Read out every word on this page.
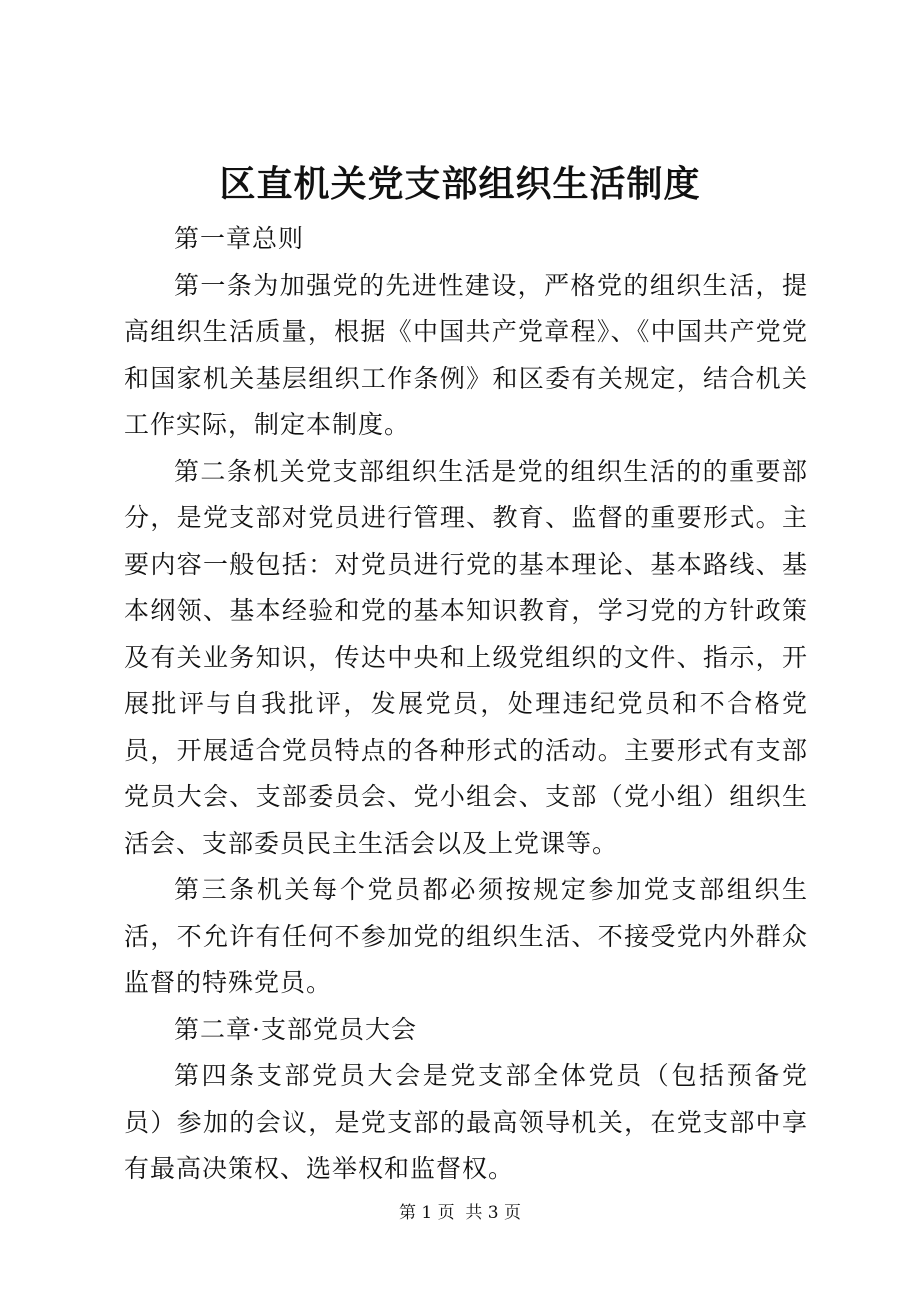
区直机关党支部组织生活制度

第一章总则

第一条为加强党的先进性建设，严格党的组织生活，提高组织生活质量，根据《中国共产党章程》、《中国共产党党和国家机关基层组织工作条例》和区委有关规定，结合机关工作实际，制定本制度。

第二条机关党支部组织生活是党的组织生活的的重要部分，是党支部对党员进行管理、教育、监督的重要形式。主要内容一般包括：对党员进行党的基本理论、基本路线、基本纲领、基本经验和党的基本知识教育，学习党的方针政策及有关业务知识，传达中央和上级党组织的文件、指示，开展批评与自我批评，发展党员，处理违纪党员和不合格党员，开展适合党员特点的各种形式的活动。主要形式有支部党员大会、支部委员会、党小组会、支部（党小组）组织生活会、支部委员民主生活会以及上党课等。

第三条机关每个党员都必须按规定参加党支部组织生活，不允许有任何不参加党的组织生活、不接受党内外群众监督的特殊党员。

第二章·支部党员大会

第四条支部党员大会是党支部全体党员（包括预备党员）参加的会议，是党支部的最高领导机关，在党支部中享有最高决策权、选举权和监督权。

第 1 页  共 3 页
